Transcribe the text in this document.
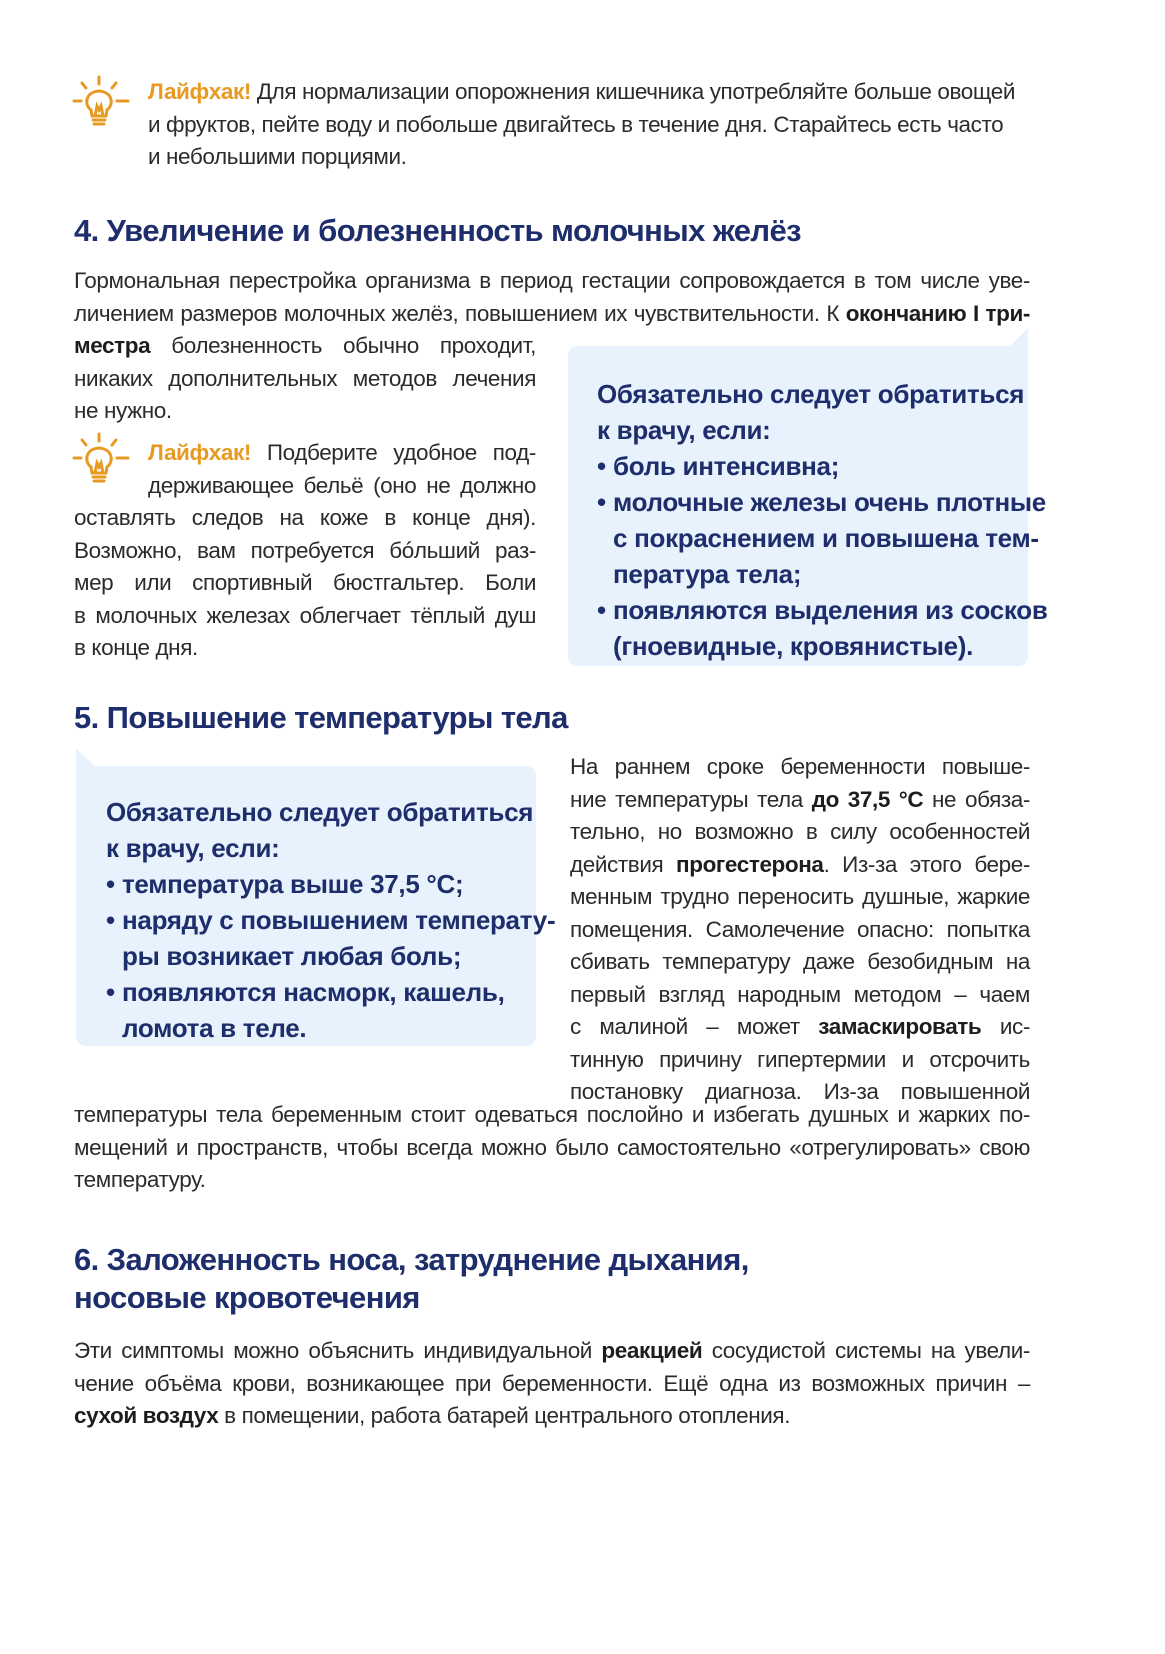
Лайфхак! Для нормализации опорожнения кишечника употребляйте больше овощей
и фруктов, пейте воду и побольше двигайтесь в течение дня. Старайтесь есть часто
и небольшими порциями.
4. Увеличение и болезненность молочных желёз
Гормональная перестройка организма в период гестации сопровождается в том числе уве-
личением размеров молочных желёз, повышением их чувствительности. К окончанию I три-
местра болезненность обычно проходит,
никаких дополнительных методов лечения
не нужно.
Лайфхак! Подберите удобное под-
держивающее бельё (оно не должно
оставлять следов на коже в конце дня).
Возможно, вам потребуется бóльший раз-
мер или спортивный бюстгальтер. Боли
в молочных железах облегчает тёплый душ
в конце дня.
Обязательно следует обратиться
к врачу, если:
• боль интенсивна;
• молочные железы очень плотные
с покраснением и повышена тем-
пература тела;
• появляются выделения из сосков
(гноевидные, кровянистые).
5. Повышение температуры тела
Обязательно следует обратиться
к врачу, если:
• температура выше 37,5 °С;
• наряду с повышением температу-
ры возникает любая боль;
• появляются насморк, кашель,
ломота в теле.
На раннем сроке беременности повыше-
ние температуры тела до 37,5 °С не обяза-
тельно, но возможно в силу особенностей
действия прогестерона. Из-за этого бере-
менным трудно переносить душные, жаркие
помещения. Самолечение опасно: попытка
сбивать температуру даже безобидным на
первый взгляд народным методом – чаем
с малиной – может замаскировать ис-
тинную причину гипертермии и отсрочить
постановку диагноза. Из-за повышенной
температуры тела беременным стоит одеваться послойно и избегать душных и жарких по-
мещений и пространств, чтобы всегда можно было самостоятельно «отрегулировать» свою
температуру.
6. Заложенность носа, затруднение дыхания,
носовые кровотечения
Эти симптомы можно объяснить индивидуальной реакцией сосудистой системы на увели-
чение объёма крови, возникающее при беременности. Ещё одна из возможных причин –
сухой воздух в помещении, работа батарей центрального отопления.
